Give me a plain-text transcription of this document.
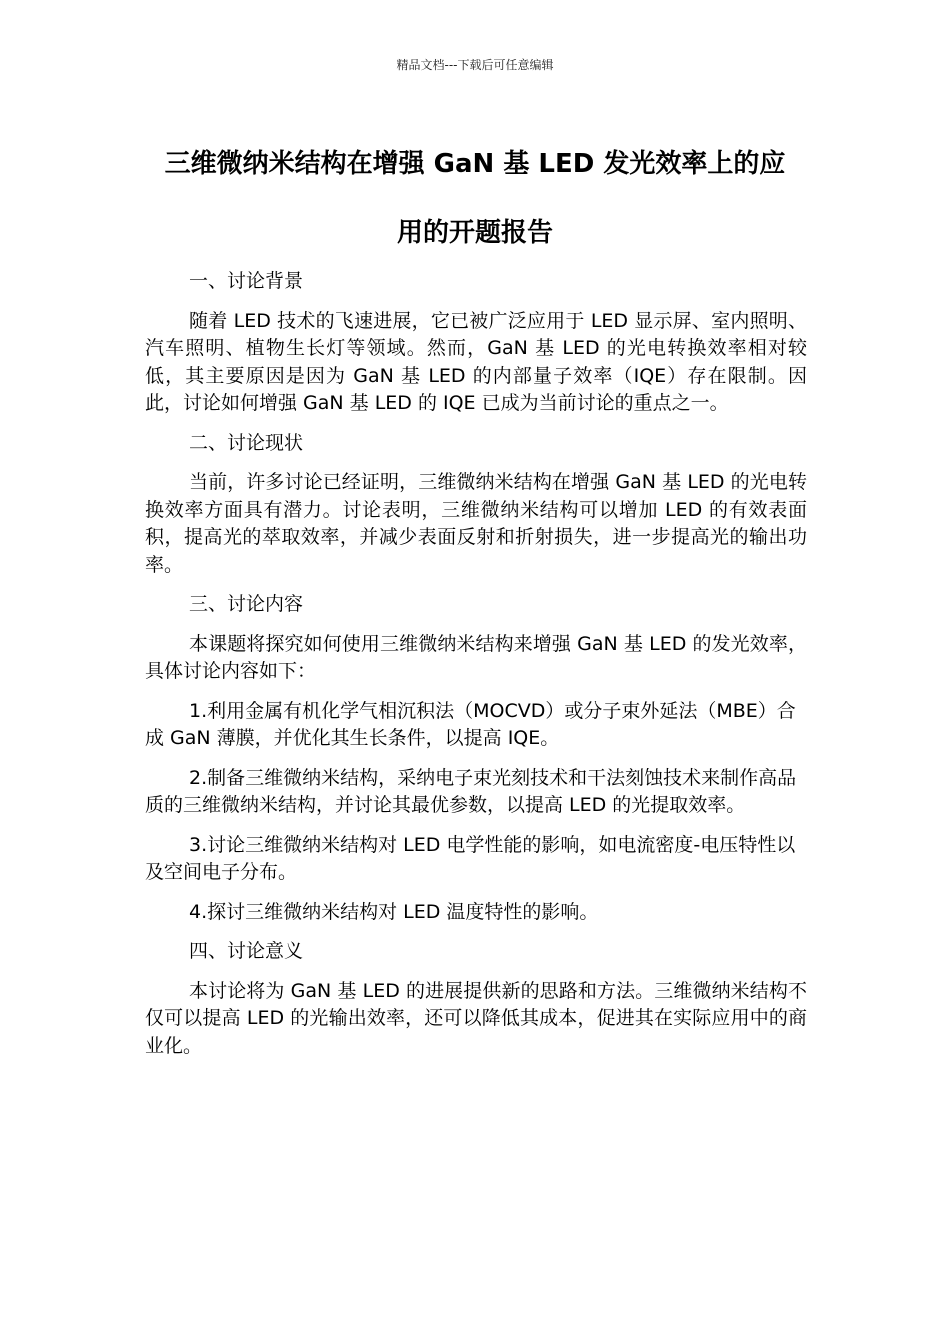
精品文档---下载后可任意编辑
三维微纳米结构在增强 GaN 基 LED 发光效率上的应
用的开题报告
一、讨论背景
随着 LED 技术的飞速进展，它已被广泛应用于 LED 显示屏、室内照明、汽车照明、植物生长灯等领域。然而，GaN 基 LED 的光电转换效率相对较低，其主要原因是因为 GaN 基 LED 的内部量子效率（IQE）存在限制。因此，讨论如何增强 GaN 基 LED 的 IQE 已成为当前讨论的重点之一。
二、讨论现状
当前，许多讨论已经证明，三维微纳米结构在增强 GaN 基 LED 的光电转换效率方面具有潜力。讨论表明，三维微纳米结构可以增加 LED 的有效表面积，提高光的萃取效率，并减少表面反射和折射损失，进一步提高光的输出功率。
三、讨论内容
本课题将探究如何使用三维微纳米结构来增强 GaN 基 LED 的发光效率，具体讨论内容如下：
1.利用金属有机化学气相沉积法（MOCVD）或分子束外延法（MBE）合成 GaN 薄膜，并优化其生长条件，以提高 IQE。
2.制备三维微纳米结构，采纳电子束光刻技术和干法刻蚀技术来制作高品质的三维微纳米结构，并讨论其最优参数，以提高 LED 的光提取效率。
3.讨论三维微纳米结构对 LED 电学性能的影响，如电流密度-电压特性以及空间电子分布。
4.探讨三维微纳米结构对 LED 温度特性的影响。
四、讨论意义
本讨论将为 GaN 基 LED 的进展提供新的思路和方法。三维微纳米结构不仅可以提高 LED 的光输出效率，还可以降低其成本，促进其在实际应用中的商业化。
